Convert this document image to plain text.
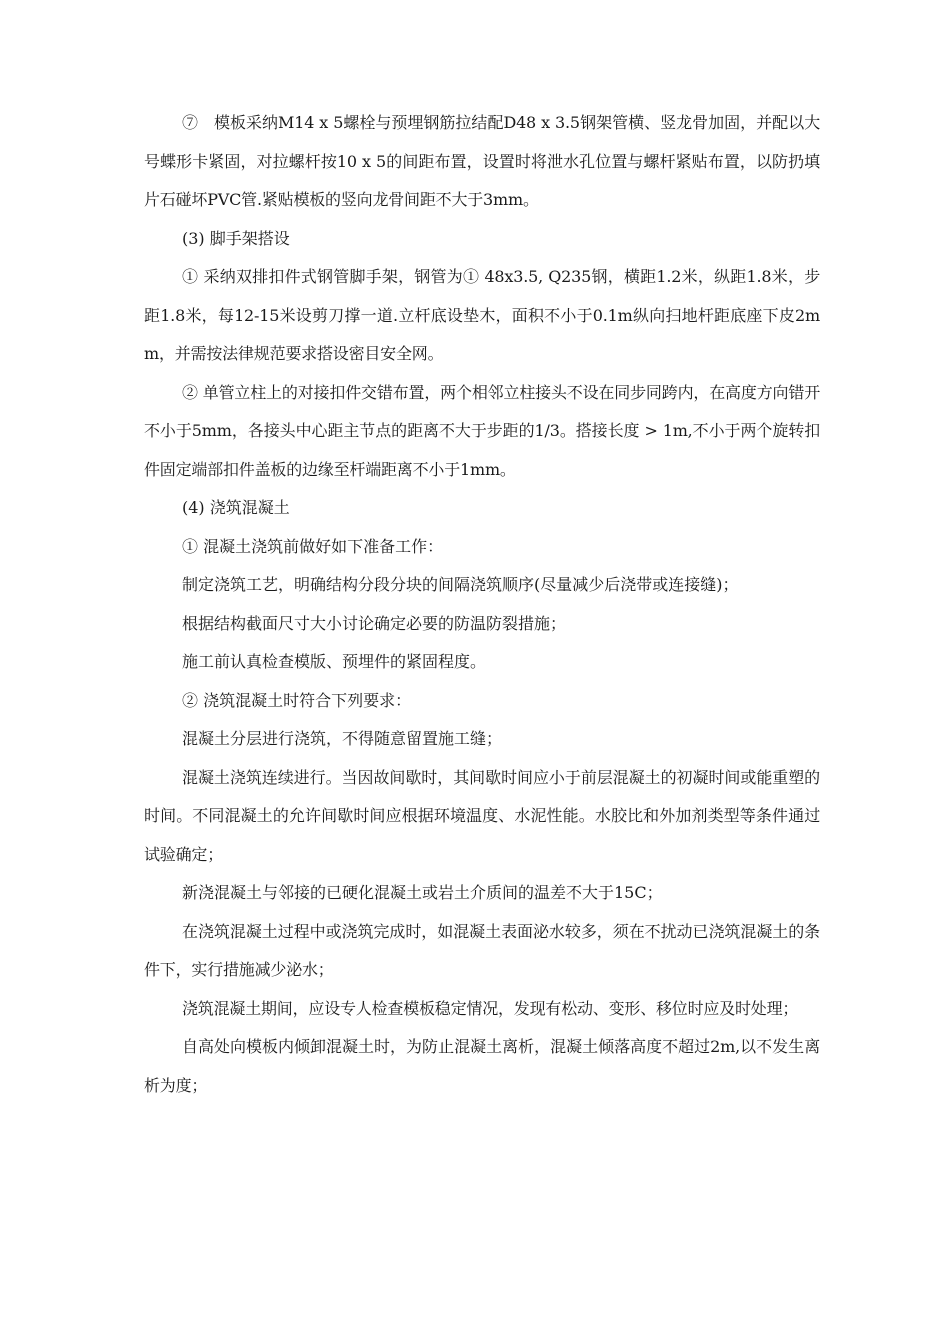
⑦　模板采纳M14 x 5螺栓与预埋钢筋拉结配D48 x 3.5钢架管横、竖龙骨加固，并配以大号蝶形卡紧固，对拉螺杆按10 x 5的间距布置，设置时将泄水孔位置与螺杆紧贴布置，以防扔填片石碰坏PVC管.紧贴模板的竖向龙骨间距不大于3mm。

(3) 脚手架搭设

① 采纳双排扣件式钢管脚手架，钢管为① 48x3.5, Q235钢，横距1.2米，纵距1.8米，步距1.8米，每12-15米设剪刀撑一道.立杆底设垫木，面积不小于0.1m纵向扫地杆距底座下皮2mm，并需按法律规范要求搭设密目安全网。

② 单管立柱上的对接扣件交错布置，两个相邻立柱接头不设在同步同跨内，在高度方向错开不小于5mm，各接头中心距主节点的距离不大于步距的1/3。搭接长度 > 1m,不小于两个旋转扣件固定端部扣件盖板的边缘至杆端距离不小于1mm。

(4) 浇筑混凝土

① 混凝土浇筑前做好如下准备工作：

制定浇筑工艺，明确结构分段分块的间隔浇筑顺序(尽量减少后浇带或连接缝)；

根据结构截面尺寸大小讨论确定必要的防温防裂措施；

施工前认真检查模版、预埋件的紧固程度。

② 浇筑混凝土时符合下列要求：

混凝土分层进行浇筑，不得随意留置施工缝；

混凝土浇筑连续进行。当因故间歇时，其间歇时间应小于前层混凝土的初凝时间或能重塑的时间。不同混凝土的允许间歇时间应根据环境温度、水泥性能。水胶比和外加剂类型等条件通过试验确定；

新浇混凝土与邻接的已硬化混凝土或岩土介质间的温差不大于15C；

在浇筑混凝土过程中或浇筑完成时，如混凝土表面泌水较多，须在不扰动已浇筑混凝土的条件下，实行措施减少泌水；

浇筑混凝土期间，应设专人检查模板稳定情况，发现有松动、变形、移位时应及时处理；

自高处向模板内倾卸混凝土时，为防止混凝土离析，混凝土倾落高度不超过2m,以不发生离析为度；
